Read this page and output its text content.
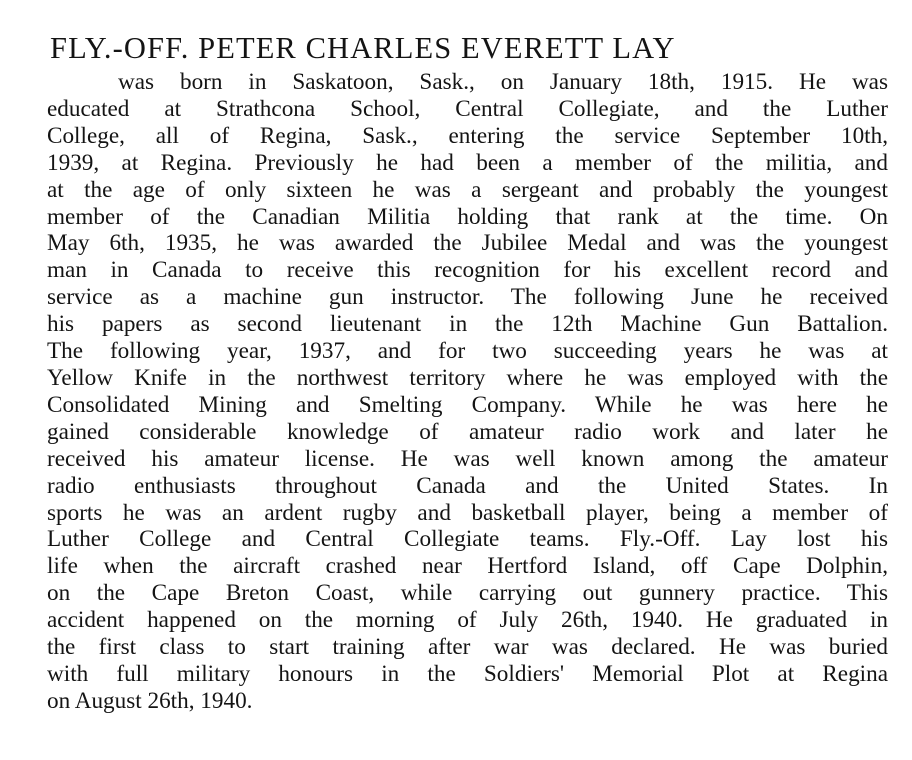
FLY.-OFF. PETER CHARLES EVERETT LAY
was born in Saskatoon, Sask., on January 18th, 1915. He was
educated at Strathcona School, Central Collegiate, and the Luther
College, all of Regina, Sask., entering the service September 10th,
1939, at Regina. Previously he had been a member of the militia, and
at the age of only sixteen he was a sergeant and probably the youngest
member of the Canadian Militia holding that rank at the time. On
May 6th, 1935, he was awarded the Jubilee Medal and was the youngest
man in Canada to receive this recognition for his excellent record and
service as a machine gun instructor. The following June he received
his papers as second lieutenant in the 12th Machine Gun Battalion.
The following year, 1937, and for two succeeding years he was at
Yellow Knife in the northwest territory where he was employed with the
Consolidated Mining and Smelting Company. While he was here he
gained considerable knowledge of amateur radio work and later he
received his amateur license. He was well known among the amateur
radio enthusiasts throughout Canada and the United States. In
sports he was an ardent rugby and basketball player, being a member of
Luther College and Central Collegiate teams. Fly.-Off. Lay lost his
life when the aircraft crashed near Hertford Island, off Cape Dolphin,
on the Cape Breton Coast, while carrying out gunnery practice. This
accident happened on the morning of July 26th, 1940. He graduated in
the first class to start training after war was declared. He was buried
with full military honours in the Soldiers' Memorial Plot at Regina
on August 26th, 1940.
